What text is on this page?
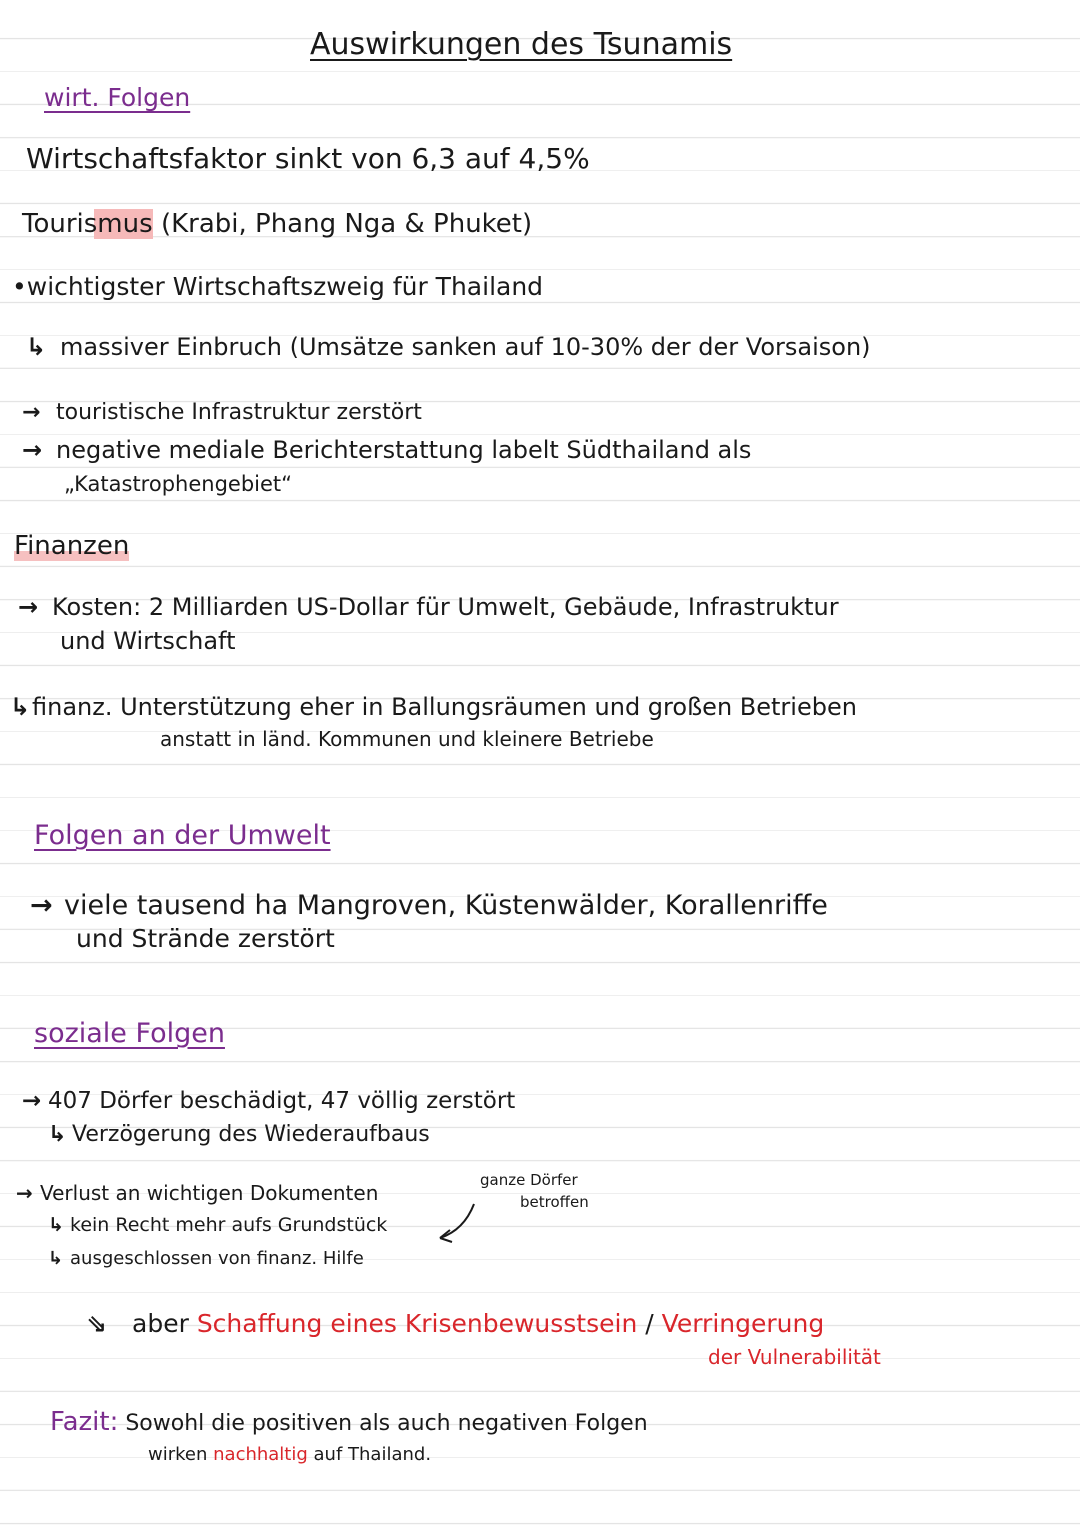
Auswirkungen des Tsunamis
wirt. Folgen
Wirtschaftsfaktor sinkt von 6,3 auf 4,5%
Tourismus (Krabi, Phang Nga & Phuket)
•wichtigster Wirtschaftszweig für Thailand
↳ massiver Einbruch (Umsätze sanken auf 10-30% der der Vorsaison)
→ touristische Infrastruktur zerstört
→ negative mediale Berichterstattung labelt Südthailand als
„Katastrophengebiet“
Finanzen
→ Kosten: 2 Milliarden US-Dollar für Umwelt, Gebäude, Infrastruktur
und Wirtschaft
↳finanz. Unterstützung eher in Ballungsräumen und großen Betrieben
anstatt in länd. Kommunen und kleinere Betriebe
Folgen an der Umwelt
→ viele tausend ha Mangroven, Küstenwälder, Korallenriffe
und Strände zerstört
soziale Folgen
→ 407 Dörfer beschädigt, 47 völlig zerstört
↳ Verzögerung des Wiederaufbaus
→ Verlust an wichtigen Dokumenten
↳ kein Recht mehr aufs Grundstück
↳ ausgeschlossen von finanz. Hilfe
ganze Dörfer
betroffen
⇘ aber Schaffung eines Krisenbewusstsein / Verringerung
der Vulnerabilität
Fazit: Sowohl die positiven als auch negativen Folgen
wirken nachhaltig auf Thailand.
